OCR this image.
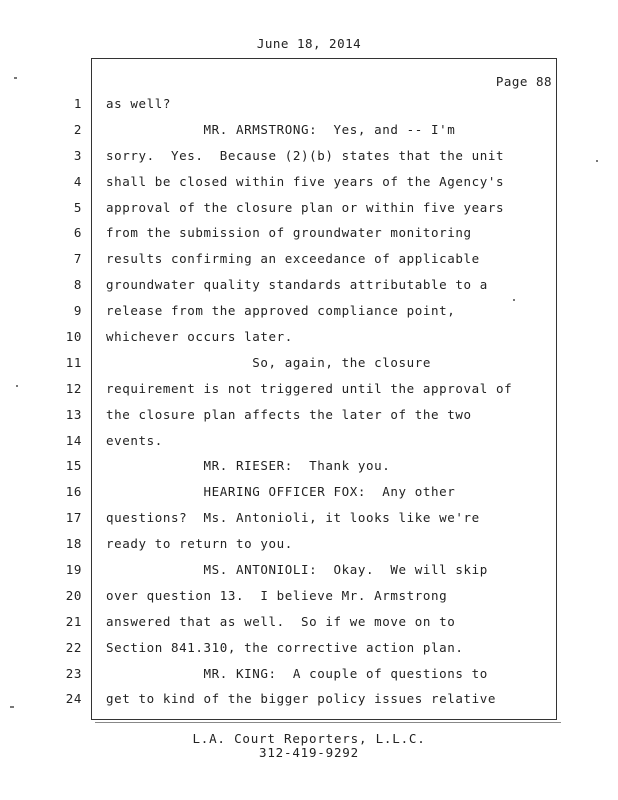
June 18, 2014
Page 88
1 as well?
2 MR. ARMSTRONG:  Yes, and -- I'm
3 sorry.  Yes.  Because (2)(b) states that the unit
4 shall be closed within five years of the Agency's
5 approval of the closure plan or within five years
6 from the submission of groundwater monitoring
7 results confirming an exceedance of applicable
8 groundwater quality standards attributable to a
9 release from the approved compliance point,
10 whichever occurs later.
11 So, again, the closure
12 requirement is not triggered until the approval of
13 the closure plan affects the later of the two
14 events.
15 MR. RIESER:  Thank you.
16 HEARING OFFICER FOX:  Any other
17 questions?  Ms. Antonioli, it looks like we're
18 ready to return to you.
19 MS. ANTONIOLI:  Okay.  We will skip
20 over question 13.  I believe Mr. Armstrong
21 answered that as well.  So if we move on to
22 Section 841.310, the corrective action plan.
23 MR. KING:  A couple of questions to
24 get to kind of the bigger policy issues relative
L.A. Court Reporters, L.L.C.
312-419-9292
